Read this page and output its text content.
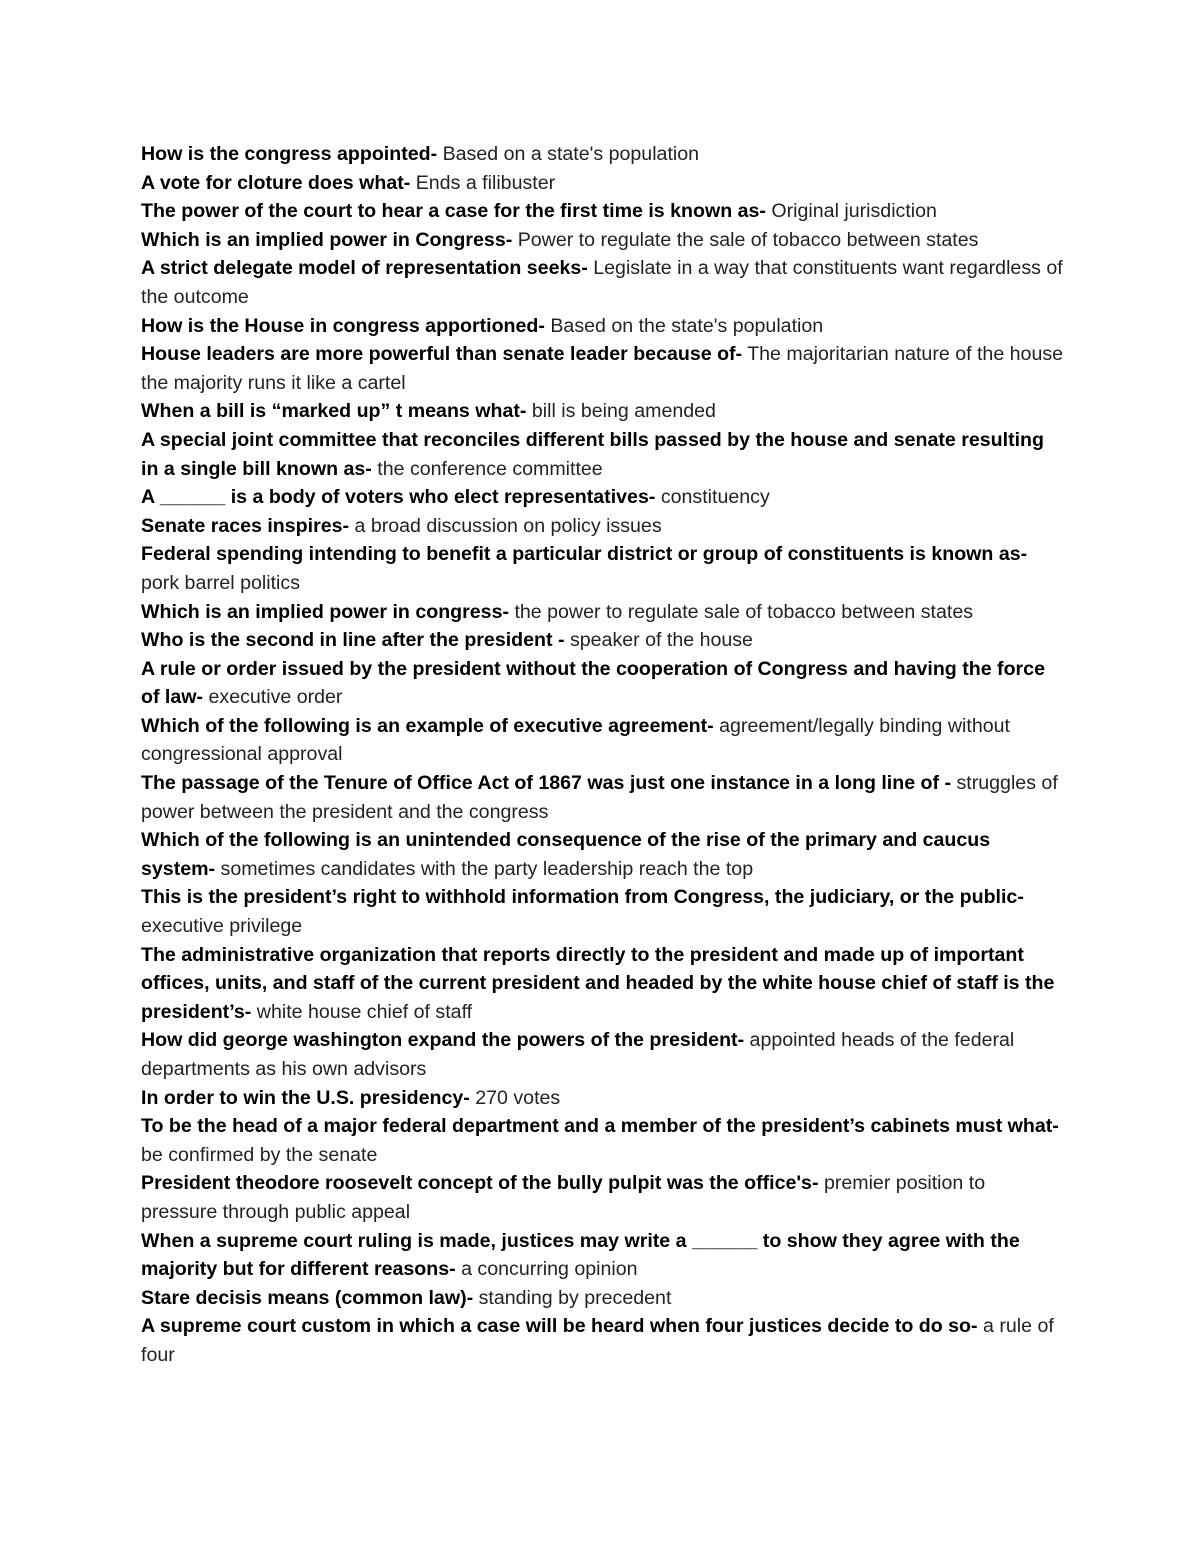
How is the congress appointed- Based on a state's population

A vote for cloture does what- Ends a filibuster

The power of the court to hear a case for the first time is known as- Original jurisdiction

Which is an implied power in Congress- Power to regulate the sale of tobacco between states

A strict delegate model of representation seeks- Legislate in a way that constituents want regardless of the outcome

How is the House in congress apportioned- Based on the state's population

House leaders are more powerful than senate leader because of- The majoritarian nature of the house the majority runs it like a cartel

When a bill is “marked up” t means what- bill is being amended

A special joint committee that reconciles different bills passed by the house and senate resulting in a single bill known as- the conference committee

A ______ is a body of voters who elect representatives- constituency

Senate races inspires- a broad discussion on policy issues

Federal spending intending to benefit a particular district or group of constituents is known as- pork barrel politics

Which is an implied power in congress- the power to regulate sale of tobacco between states

Who is the second in line after the president - speaker of the house

A rule or order issued by the president without the cooperation of Congress and having the force of law- executive order

Which of the following is an example of executive agreement- agreement/legally binding without congressional approval

The passage of the Tenure of Office Act of 1867 was just one instance in a long line of - struggles of power between the president and the congress

Which of the following is an unintended consequence of the rise of the primary and caucus system- sometimes candidates with the party leadership reach the top

This is the president’s right to withhold information from Congress, the judiciary, or the public- executive privilege

The administrative organization that reports directly to the president and made up of important offices, units, and staff of the current president and headed by the white house chief of staff is the president’s- white house chief of staff

How did george washington expand the powers of the president- appointed heads of the federal departments as his own advisors

In order to win the U.S. presidency- 270 votes

To be the head of a major federal department and a member of the president’s cabinets must what- be confirmed by the senate

President theodore roosevelt concept of the bully pulpit was the office's- premier position to pressure through public appeal

When a supreme court ruling is made, justices may write a ______ to show they agree with the majority but for different reasons- a concurring opinion

Stare decisis means (common law)- standing by precedent

A supreme court custom in which a case will be heard when four justices decide to do so- a rule of four
